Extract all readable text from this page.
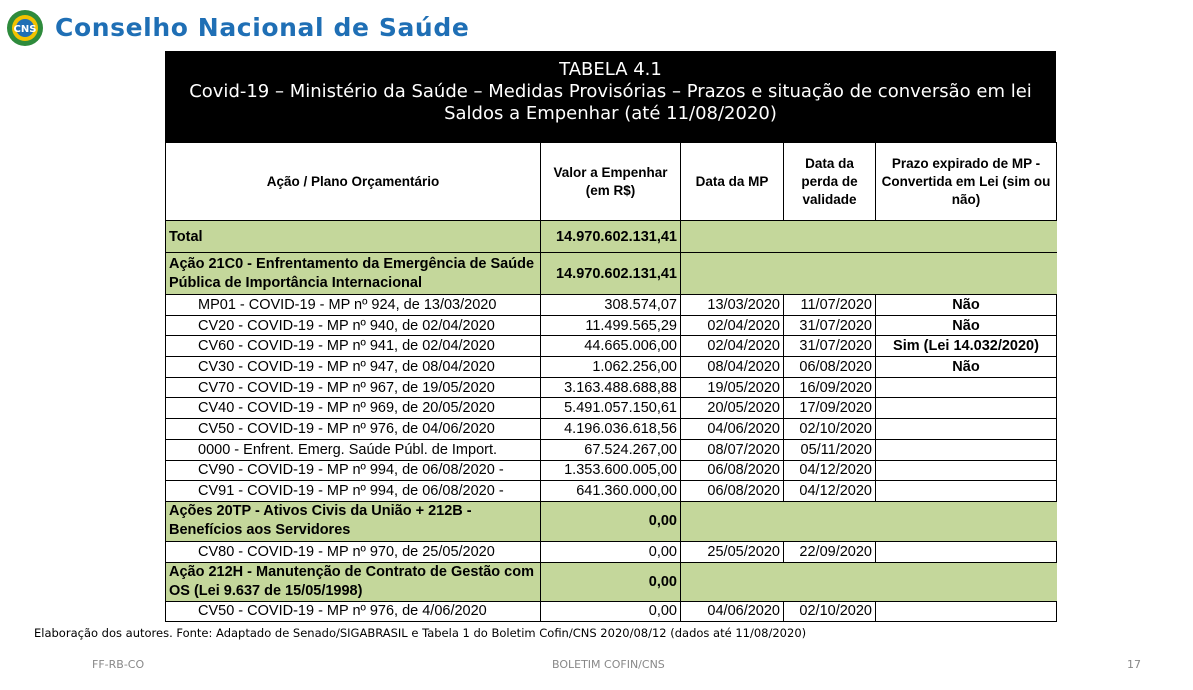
CNS Conselho Nacional de Saúde
TABELA 4.1
Covid-19 – Ministério da Saúde – Medidas Provisórias – Prazos e situação de conversão em lei
Saldos a Empenhar (até 11/08/2020)
Ação / Plano Orçamentário	Valor a Empenhar (em R$)	Data da MP	Data da perda de validade	Prazo expirado de MP - Convertida em Lei (sim ou não)
Total	14.970.602.131,41			
Ação 21C0 - Enfrentamento da Emergência de Saúde Pública de Importância Internacional	14.970.602.131,41			
MP01 - COVID-19 - MP nº 924, de 13/03/2020	308.574,07	13/03/2020	11/07/2020	Não
CV20 - COVID-19 - MP nº 940, de 02/04/2020	11.499.565,29	02/04/2020	31/07/2020	Não
CV60 - COVID-19 - MP nº 941, de 02/04/2020	44.665.006,00	02/04/2020	31/07/2020	Sim (Lei 14.032/2020)
CV30 - COVID-19 - MP nº 947, de 08/04/2020	1.062.256,00	08/04/2020	06/08/2020	Não
CV70 - COVID-19 - MP nº 967, de 19/05/2020	3.163.488.688,88	19/05/2020	16/09/2020	
CV40 - COVID-19 - MP nº 969, de 20/05/2020	5.491.057.150,61	20/05/2020	17/09/2020	
CV50 - COVID-19 - MP nº 976, de 04/06/2020	4.196.036.618,56	04/06/2020	02/10/2020	
0000 - Enfrent. Emerg. Saúde Públ. de Import.	67.524.267,00	08/07/2020	05/11/2020	
CV90 - COVID-19 - MP nº 994, de 06/08/2020 -	1.353.600.005,00	06/08/2020	04/12/2020	
CV91 - COVID-19 - MP nº 994, de 06/08/2020 -	641.360.000,00	06/08/2020	04/12/2020	
Ações 20TP - Ativos Civis da União + 212B - Benefícios aos Servidores	0,00			
CV80 - COVID-19 - MP nº 970, de 25/05/2020	0,00	25/05/2020	22/09/2020	
Ação 212H - Manutenção de Contrato de Gestão com OS (Lei 9.637 de 15/05/1998)	0,00			
CV50 - COVID-19 - MP nº 976, de 4/06/2020	0,00	04/06/2020	02/10/2020	
Elaboração dos autores. Fonte: Adaptado de Senado/SIGABRASIL e Tabela 1 do Boletim Cofin/CNS 2020/08/12 (dados até 11/08/2020)
FF-RB-CO	BOLETIM COFIN/CNS	17
